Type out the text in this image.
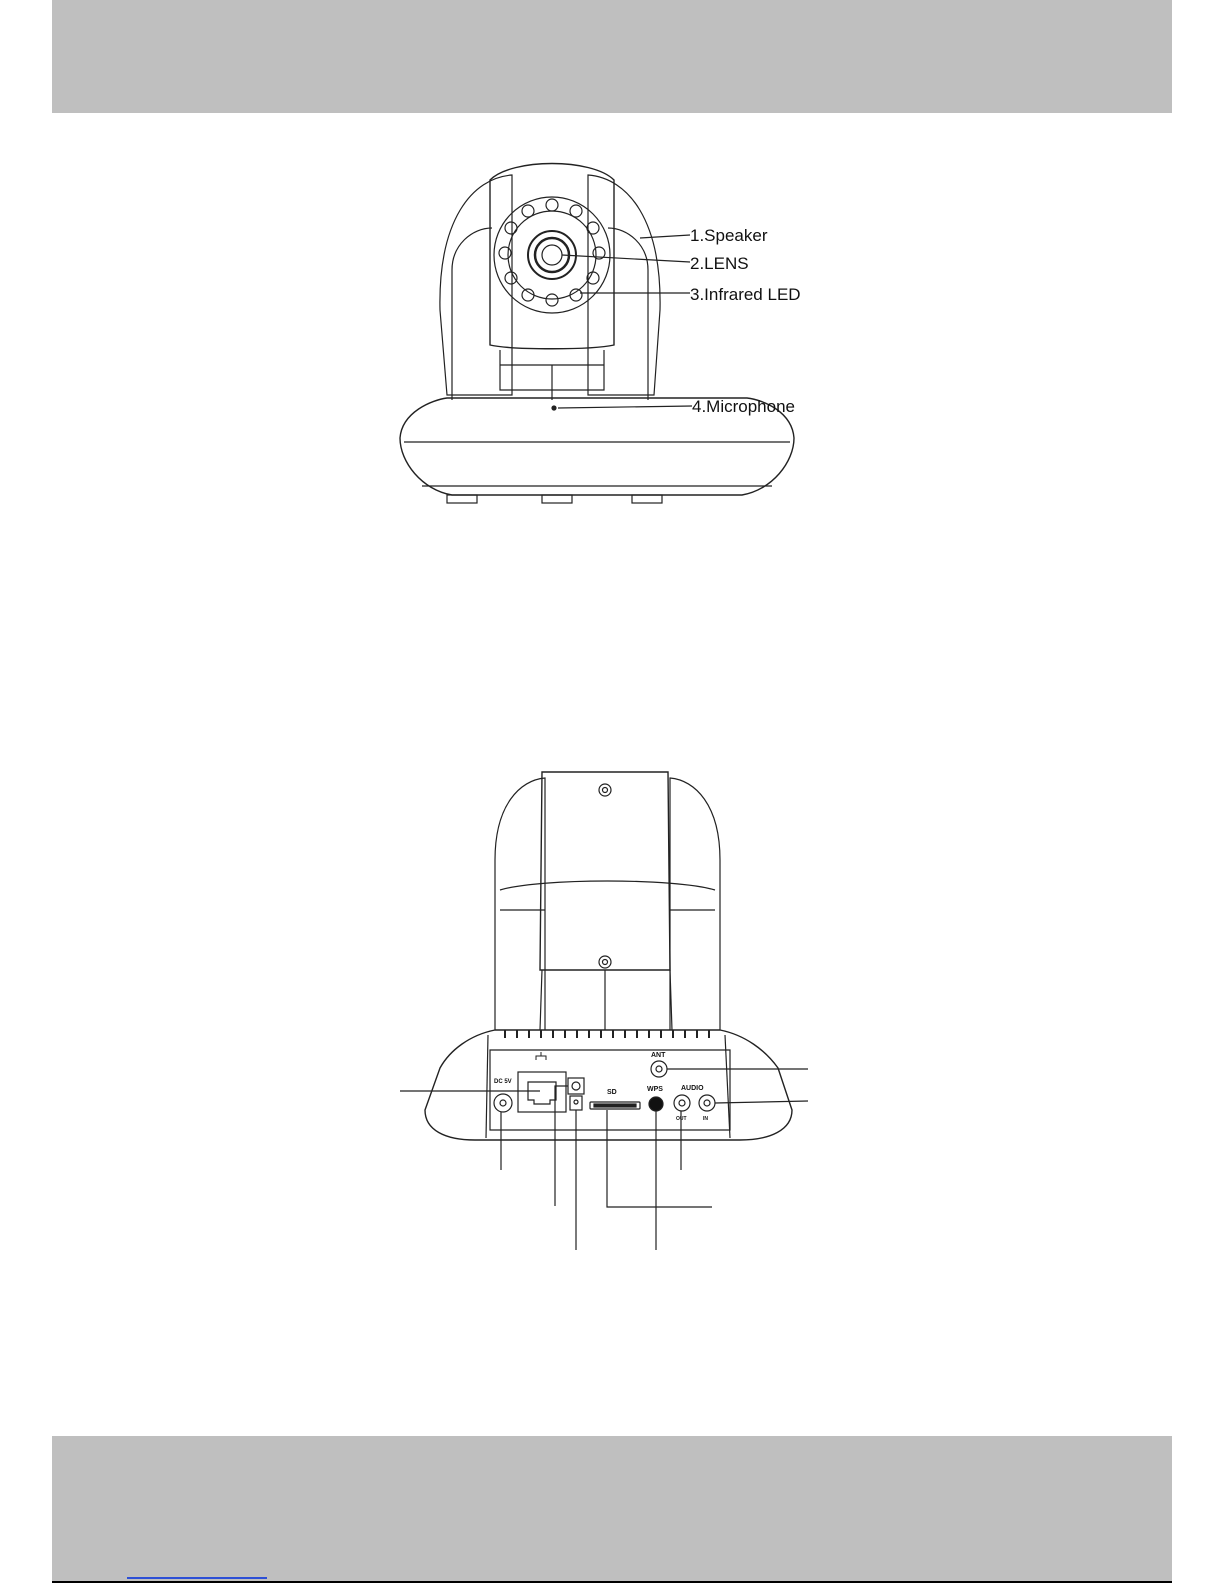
1.Speaker
2.LENS
3.Infrared LED
4.Microphone
ANT
DC 5V
SD	WPS	AUDIO
OUT	IN
